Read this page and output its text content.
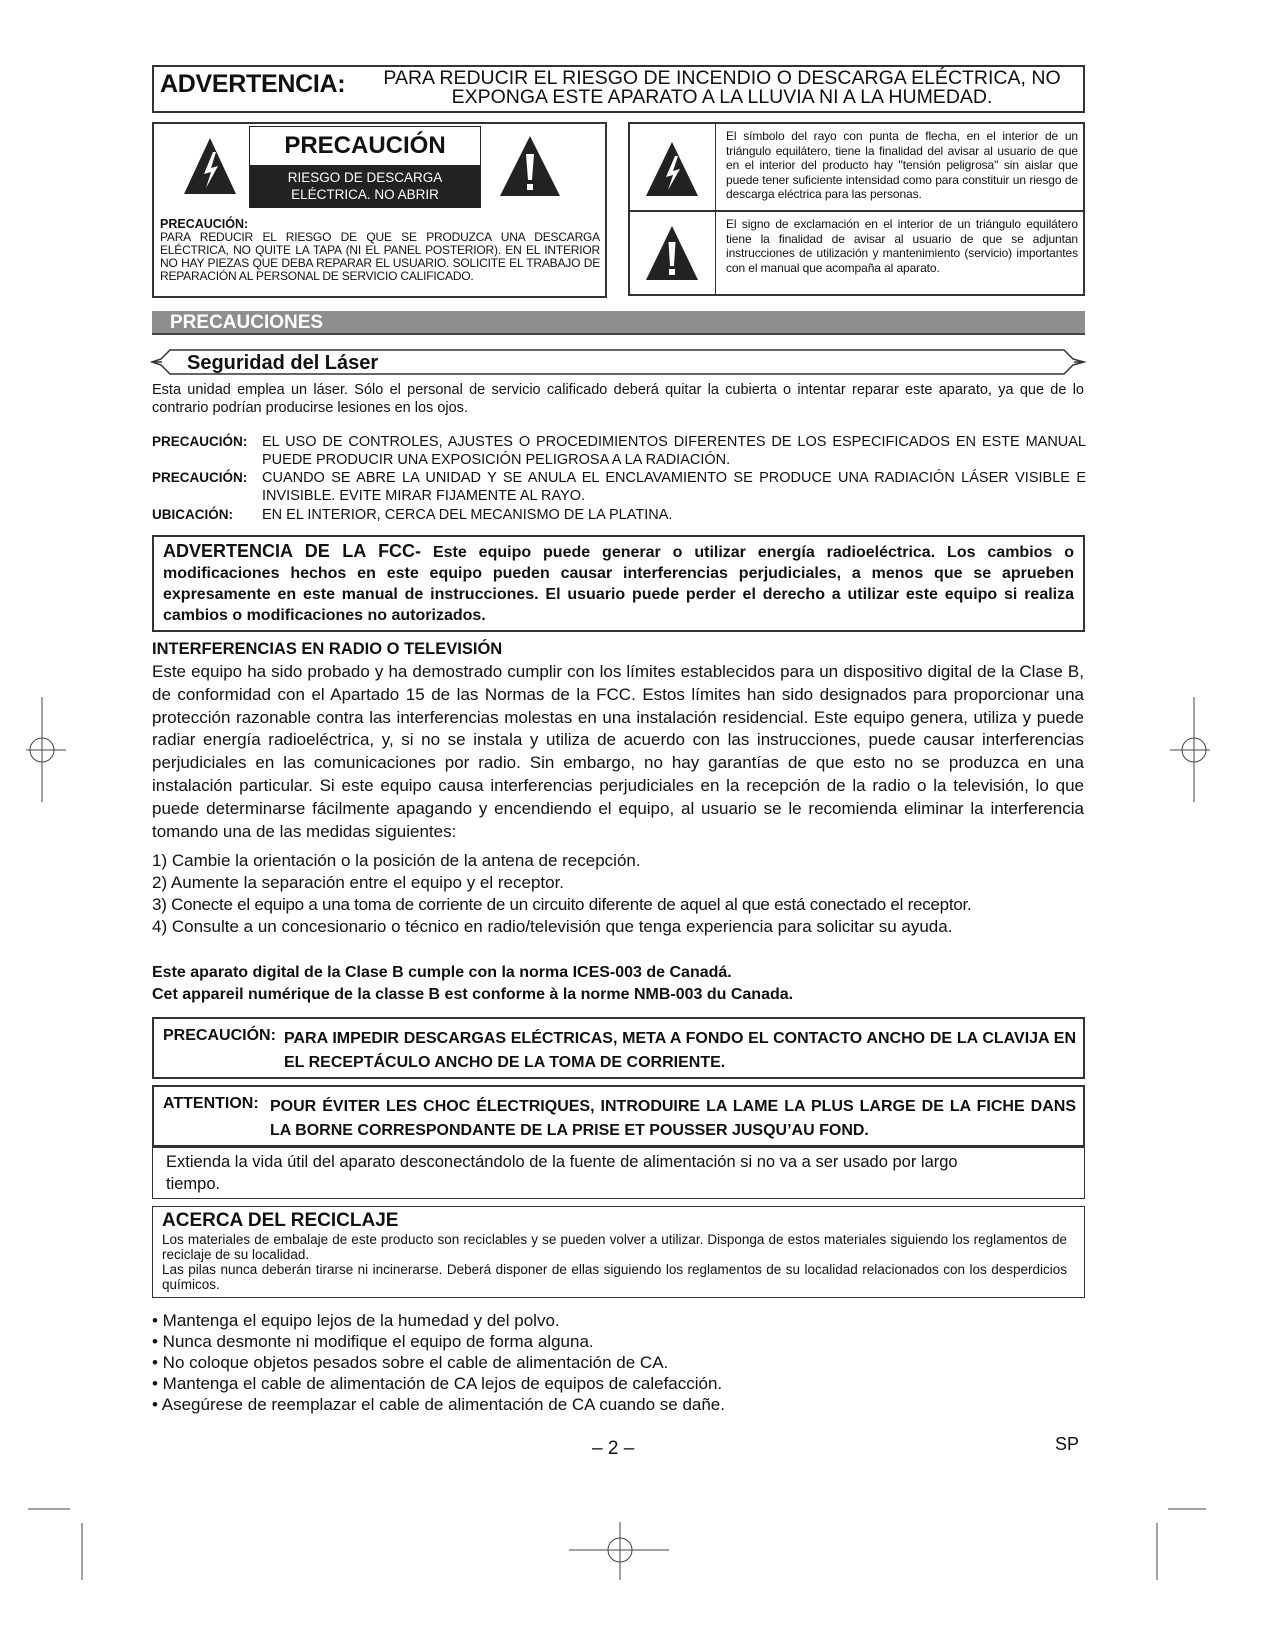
ADVERTENCIA:	PARA REDUCIR EL RIESGO DE INCENDIO O DESCARGA ELÉCTRICA, NO EXPONGA ESTE APARATO A LA LLUVIA NI A LA HUMEDAD.
PRECAUCIÓN
RIESGO DE DESCARGA
ELÉCTRICA. NO ABRIR
PRECAUCIÓN:
PARA REDUCIR EL RIESGO DE QUE SE PRODUZCA UNA DESCARGA ELÉCTRICA, NO QUITE LA TAPA (NI EL PANEL POSTERIOR). EN EL INTERIOR NO HAY PIEZAS QUE DEBA REPARAR EL USUARIO. SOLICITE EL TRABAJO DE REPARACIÓN AL PERSONAL DE SERVICIO CALIFICADO.
El símbolo del rayo con punta de flecha, en el interior de un triángulo equilátero, tiene la finalidad del avisar al usuario de que en el interior del producto hay "tensión peligrosa" sin aislar que puede tener suficiente intensidad como para constituir un riesgo de descarga eléctrica para las personas.
El signo de exclamación en el interior de un triángulo equilátero tiene la finalidad de avisar al usuario de que se adjuntan instrucciones de utilización y mantenimiento (servicio) importantes con el manual que acompaña al aparato.
PRECAUCIONES
Seguridad del Láser
Esta unidad emplea un láser. Sólo el personal de servicio calificado deberá quitar la cubierta o intentar reparar este aparato, ya que de lo contrario podrían producirse lesiones en los ojos.
PRECAUCIÓN: EL USO DE CONTROLES, AJUSTES O PROCEDIMIENTOS DIFERENTES DE LOS ESPECIFICADOS EN ESTE MANUAL PUEDE PRODUCIR UNA EXPOSICIÓN PELIGROSA A LA RADIACIÓN.
PRECAUCIÓN: CUANDO SE ABRE LA UNIDAD Y SE ANULA EL ENCLAVAMIENTO SE PRODUCE UNA RADIACIÓN LÁSER VISIBLE E INVISIBLE. EVITE MIRAR FIJAMENTE AL RAYO.
UBICACIÓN: EN EL INTERIOR, CERCA DEL MECANISMO DE LA PLATINA.
ADVERTENCIA DE LA FCC- Este equipo puede generar o utilizar energía radioeléctrica. Los cambios o modificaciones hechos en este equipo pueden causar interferencias perjudiciales, a menos que se aprueben expresamente en este manual de instrucciones. El usuario puede perder el derecho a utilizar este equipo si realiza cambios o modificaciones no autorizados.
INTERFERENCIAS EN RADIO O TELEVISIÓN
Este equipo ha sido probado y ha demostrado cumplir con los límites establecidos para un dispositivo digital de la Clase B, de conformidad con el Apartado 15 de las Normas de la FCC. Estos límites han sido designados para proporcionar una protección razonable contra las interferencias molestas en una instalación residencial. Este equipo genera, utiliza y puede radiar energía radioeléctrica, y, si no se instala y utiliza de acuerdo con las instrucciones, puede causar interferencias perjudiciales en las comunicaciones por radio. Sin embargo, no hay garantías de que esto no se produzca en una instalación particular. Si este equipo causa interferencias perjudiciales en la recepción de la radio o la televisión, lo que puede determinarse fácilmente apagando y encendiendo el equipo, al usuario se le recomienda eliminar la interferencia tomando una de las medidas siguientes:
1) Cambie la orientación o la posición de la antena de recepción.
2) Aumente la separación entre el equipo y el receptor.
3) Conecte el equipo a una toma de corriente de un circuito diferente de aquel al que está conectado el receptor.
4) Consulte a un concesionario o técnico en radio/televisión que tenga experiencia para solicitar su ayuda.
Este aparato digital de la Clase B cumple con la norma ICES-003 de Canadá.
Cet appareil numérique de la classe B est conforme à la norme NMB-003 du Canada.
PRECAUCIÓN: PARA IMPEDIR DESCARGAS ELÉCTRICAS, META A FONDO EL CONTACTO ANCHO DE LA CLAVIJA EN EL RECEPTÁCULO ANCHO DE LA TOMA DE CORRIENTE.
ATTENTION: POUR ÉVITER LES CHOC ÉLECTRIQUES, INTRODUIRE LA LAME LA PLUS LARGE DE LA FICHE DANS LA BORNE CORRESPONDANTE DE LA PRISE ET POUSSER JUSQU’AU FOND.
Extienda la vida útil del aparato desconectándolo de la fuente de alimentación si no va a ser usado por largo tiempo.
ACERCA DEL RECICLAJE
Los materiales de embalaje de este producto son reciclables y se pueden volver a utilizar. Disponga de estos materiales siguiendo los reglamentos de reciclaje de su localidad.
Las pilas nunca deberán tirarse ni incinerarse. Deberá disponer de ellas siguiendo los reglamentos de su localidad relacionados con los desperdicios químicos.
• Mantenga el equipo lejos de la humedad y del polvo.
• Nunca desmonte ni modifique el equipo de forma alguna.
• No coloque objetos pesados sobre el cable de alimentación de CA.
• Mantenga el cable de alimentación de CA lejos de equipos de calefacción.
• Asegúrese de reemplazar el cable de alimentación de CA cuando se dañe.
– 2 –	SP
